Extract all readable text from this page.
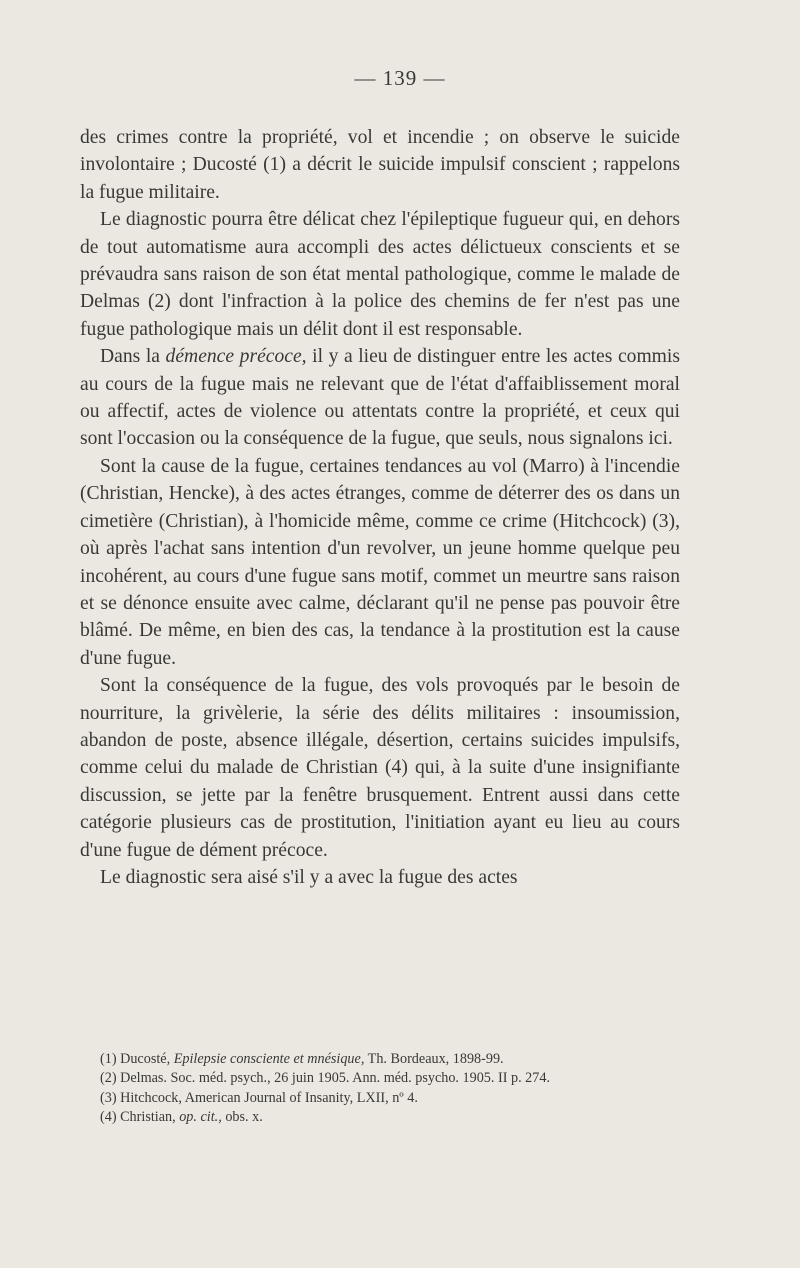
— 139 —

des crimes contre la propriété, vol et incendie ; on observe le suicide involontaire ; Ducosté (1) a décrit le suicide impulsif conscient ; rappelons la fugue militaire.

Le diagnostic pourra être délicat chez l'épileptique fugueur qui, en dehors de tout automatisme aura accompli des actes délictueux conscients et se prévaudra sans raison de son état mental pathologique, comme le malade de Delmas (2) dont l'infraction à la police des chemins de fer n'est pas une fugue pathologique mais un délit dont il est responsable.

Dans la démence précoce, il y a lieu de distinguer entre les actes commis au cours de la fugue mais ne relevant que de l'état d'affaiblissement moral ou affectif, actes de violence ou attentats contre la propriété, et ceux qui sont l'occasion ou la conséquence de la fugue, que seuls, nous signalons ici.

Sont la cause de la fugue, certaines tendances au vol (Marro) à l'incendie (Christian, Hencke), à des actes étranges, comme de déterrer des os dans un cimetière (Christian), à l'homicide même, comme ce crime (Hitchcock) (3), où après l'achat sans intention d'un revolver, un jeune homme quelque peu incohérent, au cours d'une fugue sans motif, commet un meurtre sans raison et se dénonce ensuite avec calme, déclarant qu'il ne pense pas pouvoir être blâmé. De même, en bien des cas, la tendance à la prostitution est la cause d'une fugue.

Sont la conséquence de la fugue, des vols provoqués par le besoin de nourriture, la grivèlerie, la série des délits militaires : insoumission, abandon de poste, absence illégale, désertion, certains suicides impulsifs, comme celui du malade de Christian (4) qui, à la suite d'une insignifiante discussion, se jette par la fenêtre brusquement. Entrent aussi dans cette catégorie plusieurs cas de prostitution, l'initiation ayant eu lieu au cours d'une fugue de dément précoce.

Le diagnostic sera aisé s'il y a avec la fugue des actes

(1) Ducosté, Epilepsie consciente et mnésique, Th. Bordeaux, 1898-99.

(2) Delmas. Soc. méd. psych., 26 juin 1905. Ann. méd. psycho. 1905. II p. 274.

(3) Hitchcock, American Journal of Insanity, LXII, nº 4.

(4) Christian, op. cit., obs. x.
